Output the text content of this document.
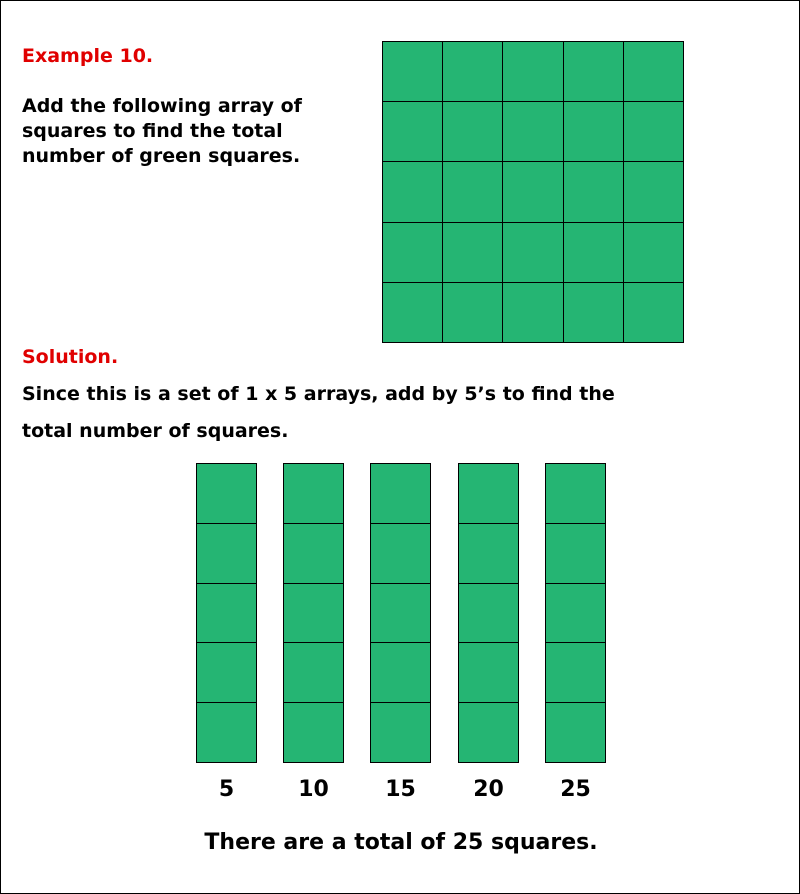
Example 10.

Add the following array of squares to find the total number of green squares.

Solution.

Since this is a set of 1 x 5 arrays, add by 5’s to find the

total number of squares.

5	10	15	20	25

There are a total of 25 squares.
